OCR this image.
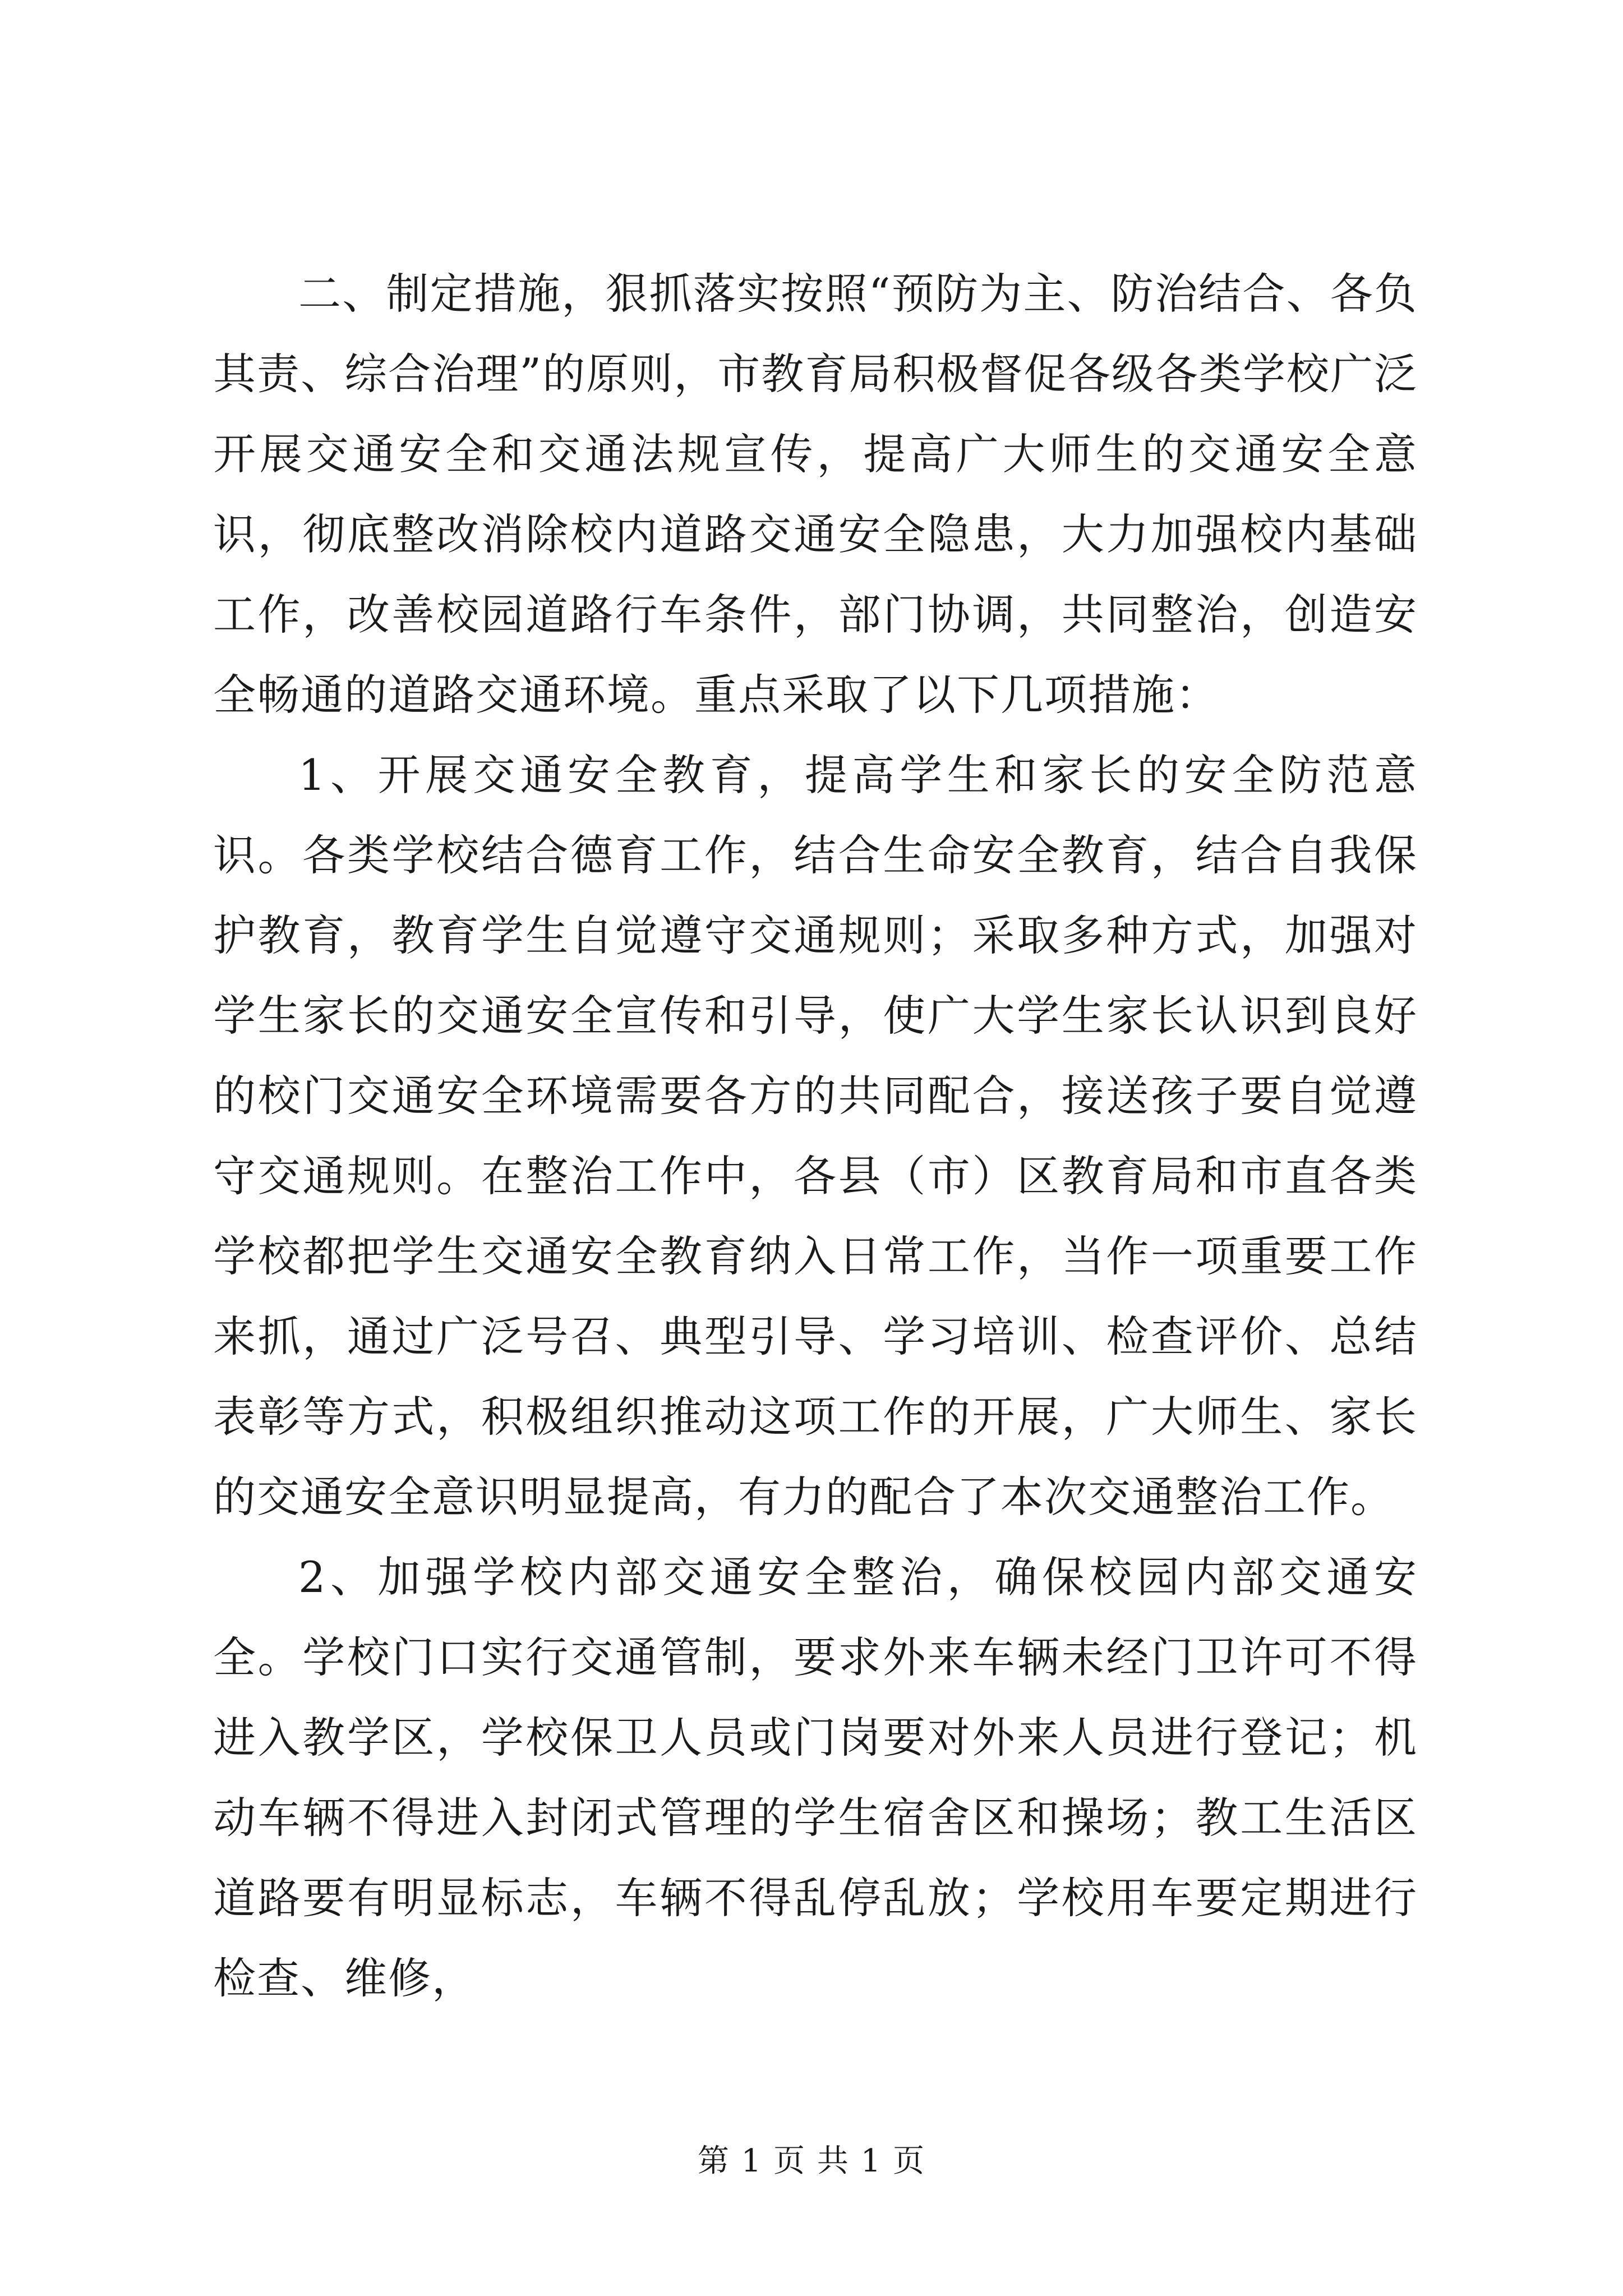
二、制定措施，狠抓落实按照“预防为主、防治结合、各负其责、综合治理”的原则，市教育局积极督促各级各类学校广泛开展交通安全和交通法规宣传，提高广大师生的交通安全意识，彻底整改消除校内道路交通安全隐患，大力加强校内基础工作，改善校园道路行车条件，部门协调，共同整治，创造安全畅通的道路交通环境。重点采取了以下几项措施：

1、开展交通安全教育，提高学生和家长的安全防范意识。各类学校结合德育工作，结合生命安全教育，结合自我保护教育，教育学生自觉遵守交通规则；采取多种方式，加强对学生家长的交通安全宣传和引导，使广大学生家长认识到良好的校门交通安全环境需要各方的共同配合，接送孩子要自觉遵守交通规则。在整治工作中，各县（市）区教育局和市直各类学校都把学生交通安全教育纳入日常工作，当作一项重要工作来抓，通过广泛号召、典型引导、学习培训、检查评价、总结表彰等方式，积极组织推动这项工作的开展，广大师生、家长的交通安全意识明显提高，有力的配合了本次交通整治工作。

2、加强学校内部交通安全整治，确保校园内部交通安全。学校门口实行交通管制，要求外来车辆未经门卫许可不得进入教学区，学校保卫人员或门岗要对外来人员进行登记；机动车辆不得进入封闭式管理的学生宿舍区和操场；教工生活区道路要有明显标志，车辆不得乱停乱放；学校用车要定期进行检查、维修，

第 1 页 共 1 页
